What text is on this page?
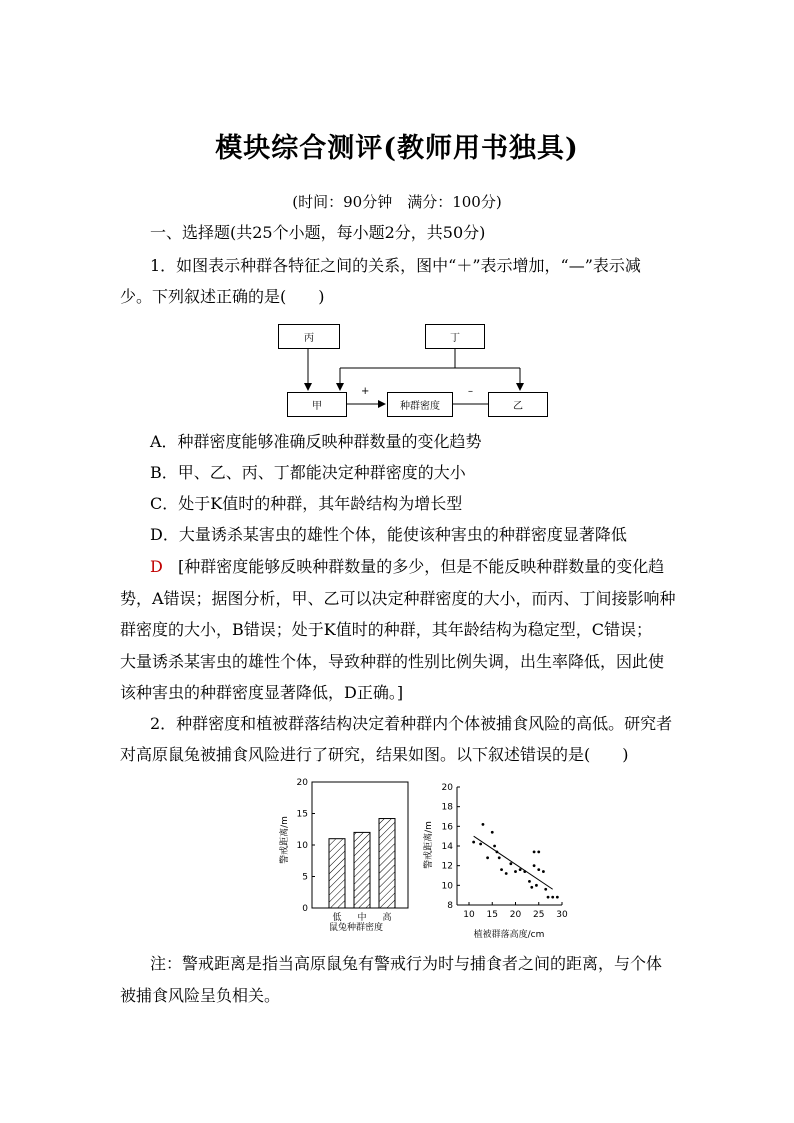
模块综合测评(教师用书独具)
(时间：90分钟　满分：100分)
一、选择题(共25个小题，每小题2分，共50分)
1．如图表示种群各特征之间的关系，图中“＋”表示增加，“—”表示减
少。下列叙述正确的是(　　)
丙	丁
甲	种群密度	乙
+	–
A．种群密度能够准确反映种群数量的变化趋势
B．甲、乙、丙、丁都能决定种群密度的大小
C．处于K值时的种群，其年龄结构为增长型
D．大量诱杀某害虫的雄性个体，能使该种害虫的种群密度显著降低
D [种群密度能够反映种群数量的多少，但是不能反映种群数量的变化趋
势，A错误；据图分析，甲、乙可以决定种群密度的大小，而丙、丁间接影响种
群密度的大小，B错误；处于K值时的种群，其年龄结构为稳定型，C错误；
大量诱杀某害虫的雄性个体，导致种群的性别比例失调，出生率降低，因此使
该种害虫的种群密度显著降低，D正确。]
2．种群密度和植被群落结构决定着种群内个体被捕食风险的高低。研究者
对高原鼠兔被捕食风险进行了研究，结果如图。以下叙述错误的是(　　)
警戒距离/m
鼠兔种群密度
0
5
10
15
20
低 中 高
警戒距离/m
植被群落高度/cm
8
10
12
14
16
18
20
10 15 20 25 30
注：警戒距离是指当高原鼠兔有警戒行为时与捕食者之间的距离，与个体
被捕食风险呈负相关。
